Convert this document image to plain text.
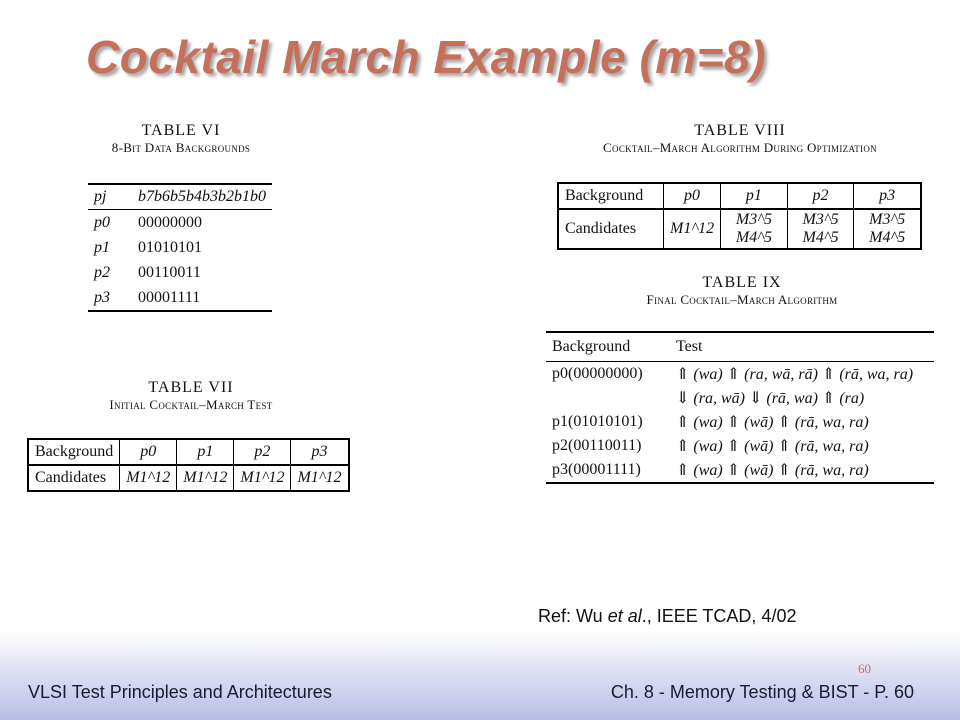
Cocktail March Example (m=8)
TABLE VI
8-Bit Data Backgrounds
pj	b7b6b5b4b3b2b1b0
p0	00000000
p1	01010101
p2	00110011
p3	00001111
TABLE VII
Initial Cocktail–March Test
Background	p0	p1	p2	p3
Candidates	M1^12	M1^12	M1^12	M1^12
TABLE VIII
Cocktail–March Algorithm During Optimization
Background	p0	p1	p2	p3
Candidates	M1^12	M3^5 M4^5	M3^5 M4^5	M3^5 M4^5
TABLE IX
Final Cocktail–March Algorithm
Background	Test
p0(00000000)	⇑ (wa) ⇑ (ra, wā, rā) ⇑ (rā, wa, ra)
	⇓ (ra, wā) ⇓ (rā, wa) ⇑ (ra)
p1(01010101)	⇑ (wa) ⇑ (wā) ⇑ (rā, wa, ra)
p2(00110011)	⇑ (wa) ⇑ (wā) ⇑ (rā, wa, ra)
p3(00001111)	⇑ (wa) ⇑ (wā) ⇑ (rā, wa, ra)
Ref: Wu et al., IEEE TCAD, 4/02
60
VLSI Test Principles and Architectures	Ch. 8 - Memory Testing & BIST - P. 60
